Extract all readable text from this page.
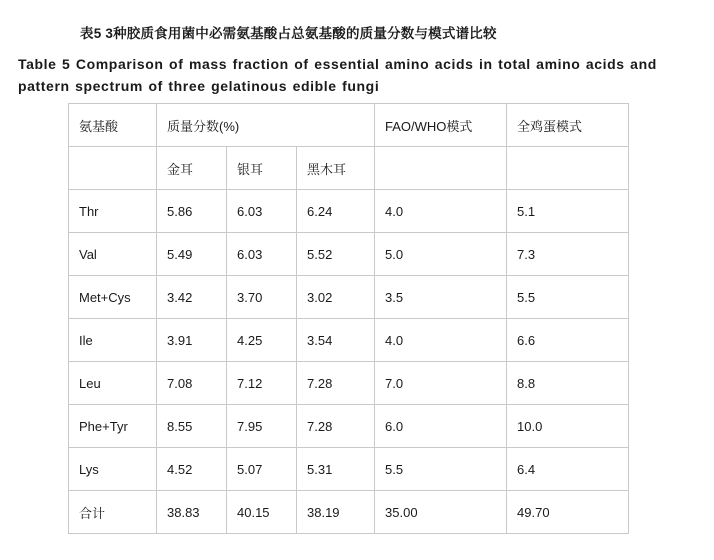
表5 3种胶质食用菌中必需氨基酸占总氨基酸的质量分数与模式谱比较
Table 5 Comparison of mass fraction of essential amino acids in total amino acids and pattern spectrum of three gelatinous edible fungi
氨基酸	质量分数(%)			FAO/WHO模式	全鸡蛋模式
	金耳	银耳	黑木耳		
Thr	5.86	6.03	6.24	4.0	5.1
Val	5.49	6.03	5.52	5.0	7.3
Met+Cys	3.42	3.70	3.02	3.5	5.5
Ile	3.91	4.25	3.54	4.0	6.6
Leu	7.08	7.12	7.28	7.0	8.8
Phe+Tyr	8.55	7.95	7.28	6.0	10.0
Lys	4.52	5.07	5.31	5.5	6.4
合计	38.83	40.15	38.19	35.00	49.70
